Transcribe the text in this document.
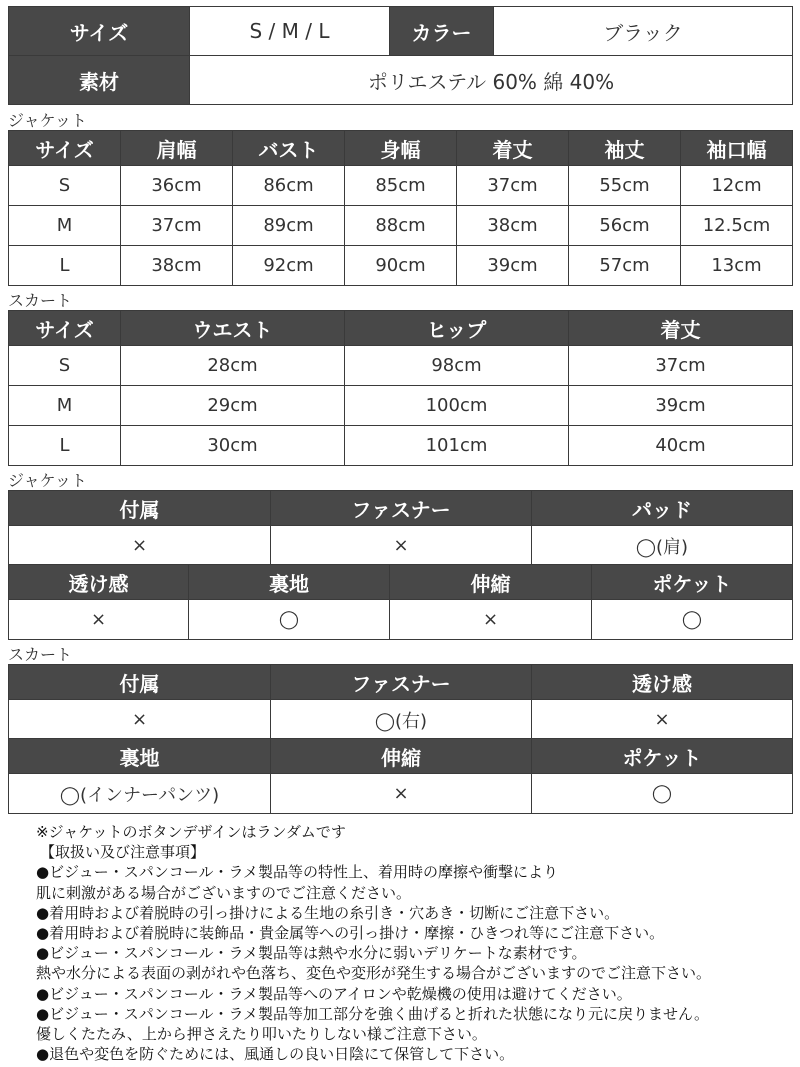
サイズ	S / M / L	カラー	ブラック
素材	ポリエステル 60% 綿 40%		
ジャケット
サイズ	肩幅	バスト	身幅	着丈	袖丈	袖口幅
S	36cm	86cm	85cm	37cm	55cm	12cm
M	37cm	89cm	88cm	38cm	56cm	12.5cm
L	38cm	92cm	90cm	39cm	57cm	13cm
スカート
サイズ	ウエスト	ヒップ	着丈
S	28cm	98cm	37cm
M	29cm	100cm	39cm
L	30cm	101cm	40cm
ジャケット
付属	ファスナー	パッド
×	×	◯(肩)
透け感	裏地	伸縮	ポケット
×	◯	×	◯
スカート
付属	ファスナー	透け感
×	◯(右)	×
裏地	伸縮	ポケット
◯(インナーパンツ)	×	◯
※ジャケットのボタンデザインはランダムです
【取扱い及び注意事項】
●ビジュー・スパンコール・ラメ製品等の特性上、着用時の摩擦や衝撃により
肌に刺激がある場合がございますのでご注意ください。
●着用時および着脱時の引っ掛けによる生地の糸引き・穴あき・切断にご注意下さい。
●着用時および着脱時に装飾品・貴金属等への引っ掛け・摩擦・ひきつれ等にご注意下さい。
●ビジュー・スパンコール・ラメ製品等は熱や水分に弱いデリケートな素材です。
熱や水分による表面の剥がれや色落ち、変色や変形が発生する場合がございますのでご注意下さい。
●ビジュー・スパンコール・ラメ製品等へのアイロンや乾燥機の使用は避けてください。
●ビジュー・スパンコール・ラメ製品等加工部分を強く曲げると折れた状態になり元に戻りません。
優しくたたみ、上から押さえたり叩いたりしない様ご注意下さい。
●退色や変色を防ぐためには、風通しの良い日陰にて保管して下さい。
